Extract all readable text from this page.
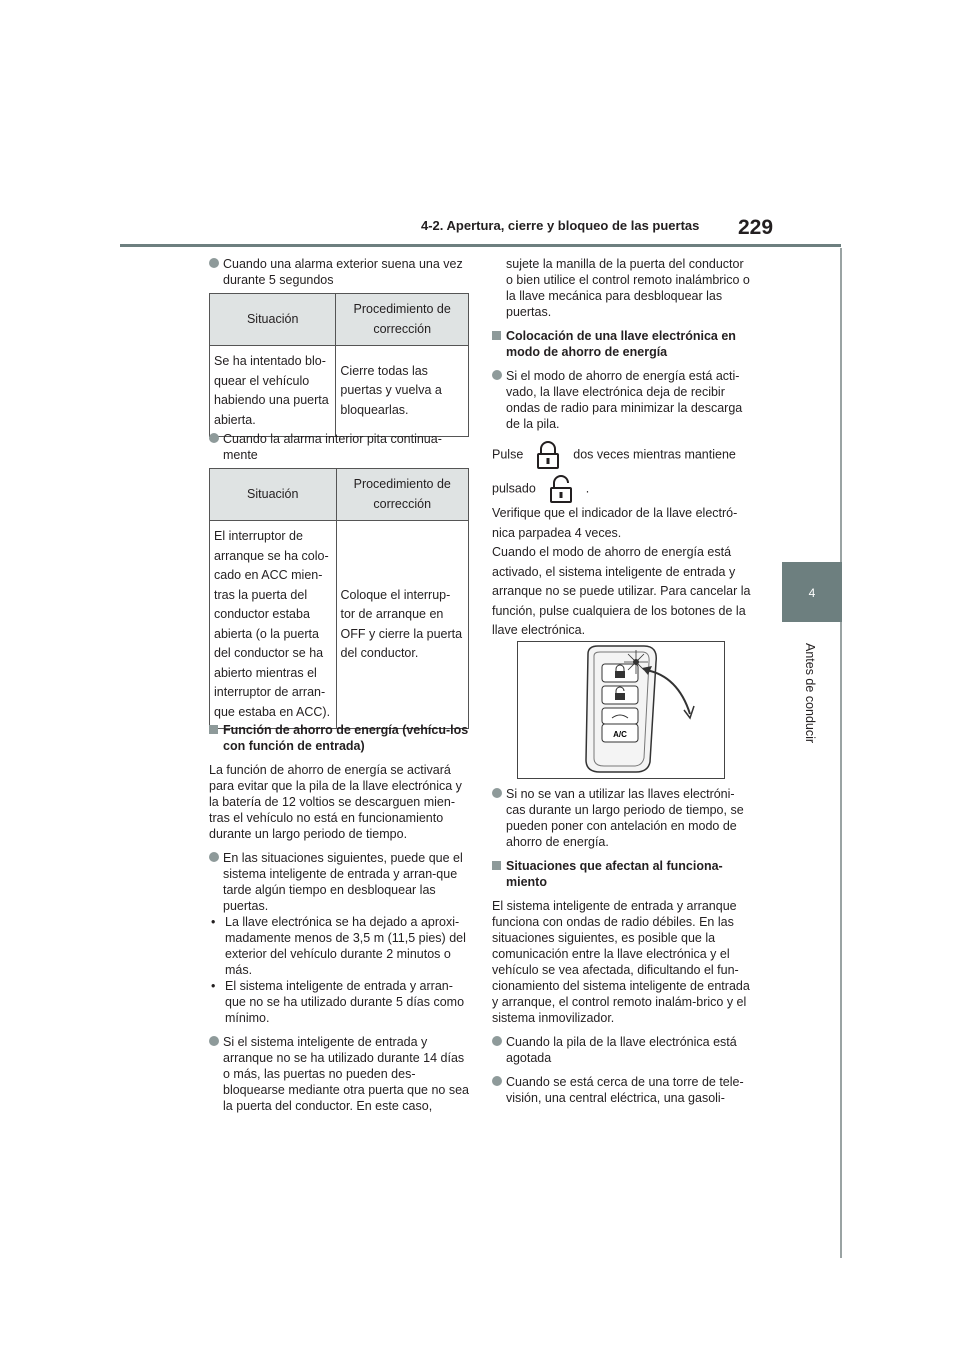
4-2. Apertura, cierre y bloqueo de las puertas 229
4
Antes de conducir

Cuando una alarma exterior suena una vez durante 5 segundos

Situación	Procedimiento de corrección
Se ha intentado blo-quear el vehículo habiendo una puerta abierta.	Cierre todas las puertas y vuelva a bloquearlas.

Cuando la alarma interior pita continua-mente

Situación	Procedimiento de corrección
El interruptor de arranque se ha colo-cado en ACC mien-tras la puerta del conductor estaba abierta (o la puerta del conductor se ha abierto mientras el interruptor de arran-que estaba en ACC).	Coloque el interrup-tor de arranque en OFF y cierre la puerta del conductor.

Función de ahorro de energía (vehícu-los con función de entrada)

La función de ahorro de energía se activará para evitar que la pila de la llave electrónica y la batería de 12 voltios se descarguen mien-tras el vehículo no está en funcionamiento durante un largo periodo de tiempo.

En las situaciones siguientes, puede que el sistema inteligente de entrada y arran-que tarde algún tiempo en desbloquear las puertas.

• La llave electrónica se ha dejado a aproxi-madamente menos de 3,5 m (11,5 pies) del exterior del vehículo durante 2 minutos o más.

• El sistema inteligente de entrada y arran-que no se ha utilizado durante 5 días como mínimo.

Si el sistema inteligente de entrada y arranque no se ha utilizado durante 14 días o más, las puertas no pueden des-bloquearse mediante otra puerta que no sea la puerta del conductor. En este caso,

sujete la manilla de la puerta del conductor o bien utilice el control remoto inalámbrico o la llave mecánica para desbloquear las puertas.

Colocación de una llave electrónica en modo de ahorro de energía

Si el modo de ahorro de energía está acti-vado, la llave electrónica deja de recibir ondas de radio para minimizar la descarga de la pila.

Pulse	dos veces mientras mantiene

pulsado	.

Verifique que el indicador de la llave electró-nica parpadea 4 veces.

Cuando el modo de ahorro de energía está activado, el sistema inteligente de entrada y arranque no se puede utilizar. Para cancelar la función, pulse cualquiera de los botones de la llave electrónica.

A/C

Si no se van a utilizar las llaves electróni-cas durante un largo periodo de tiempo, se pueden poner con antelación en modo de ahorro de energía.

Situaciones que afectan al funciona-miento

El sistema inteligente de entrada y arranque funciona con ondas de radio débiles. En las situaciones siguientes, es posible que la comunicación entre la llave electrónica y el vehículo se vea afectada, dificultando el fun-cionamiento del sistema inteligente de entrada y arranque, el control remoto inalám-brico y el sistema inmovilizador.

Cuando la pila de la llave electrónica está agotada

Cuando se está cerca de una torre de tele-visión, una central eléctrica, una gasoli-
